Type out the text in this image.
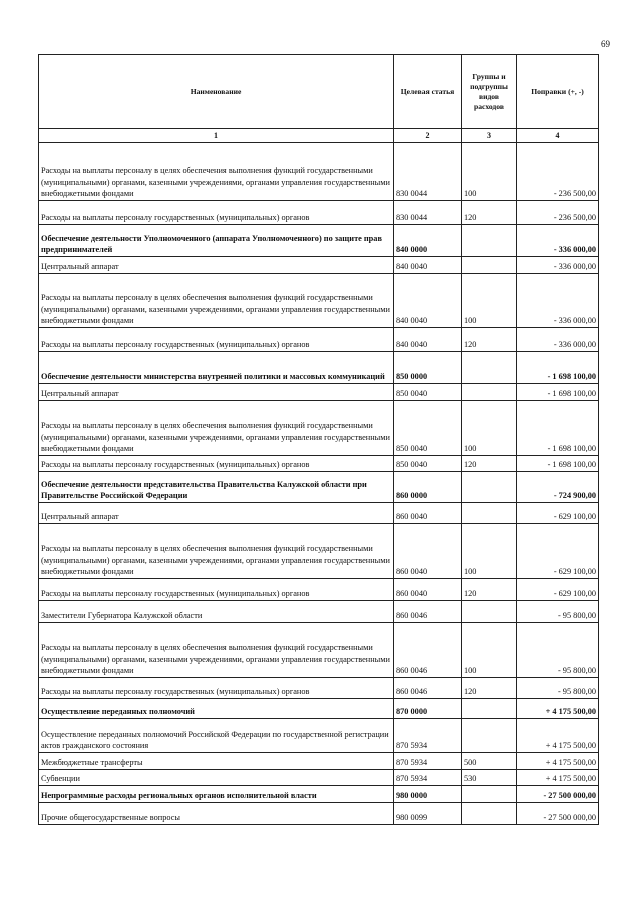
69
Наименование	Целевая статья	Группы и подгруппы видов расходов	Поправки (+, -)
1	2	3	4
Расходы на выплаты персоналу в целях обеспечения выполнения функций государственными (муниципальными) органами, казенными учреждениями, органами управления государственными внебюджетными фондами	830 0044	100	- 236 500,00
Расходы на выплаты персоналу государственных (муниципальных) органов	830 0044	120	- 236 500,00
Обеспечение деятельности Уполномоченного (аппарата Уполномоченного) по защите прав предпринимателей	840 0000		- 336 000,00
Центральный аппарат	840 0040		- 336 000,00
Расходы на выплаты персоналу в целях обеспечения выполнения функций государственными (муниципальными) органами, казенными учреждениями, органами управления государственными внебюджетными фондами	840 0040	100	- 336 000,00
Расходы на выплаты персоналу государственных (муниципальных) органов	840 0040	120	- 336 000,00
Обеспечение деятельности министерства внутренней политики и массовых коммуникаций	850 0000		- 1 698 100,00
Центральный аппарат	850 0040		- 1 698 100,00
Расходы на выплаты персоналу в целях обеспечения выполнения функций государственными (муниципальными) органами, казенными учреждениями, органами управления государственными внебюджетными фондами	850 0040	100	- 1 698 100,00
Расходы на выплаты персоналу государственных (муниципальных) органов	850 0040	120	- 1 698 100,00
Обеспечение деятельности представительства Правительства Калужской области при Правительстве Российской Федерации	860 0000		- 724 900,00
Центральный аппарат	860 0040		- 629 100,00
Расходы на выплаты персоналу в целях обеспечения выполнения функций государственными (муниципальными) органами, казенными учреждениями, органами управления государственными внебюджетными фондами	860 0040	100	- 629 100,00
Расходы на выплаты персоналу государственных (муниципальных) органов	860 0040	120	- 629 100,00
Заместители Губернатора Калужской области	860 0046		- 95 800,00
Расходы на выплаты персоналу в целях обеспечения выполнения функций государственными (муниципальными) органами, казенными учреждениями, органами управления государственными внебюджетными фондами	860 0046	100	- 95 800,00
Расходы на выплаты персоналу государственных (муниципальных) органов	860 0046	120	- 95 800,00
Осуществление переданных полномочий	870 0000		+ 4 175 500,00
Осуществление переданных полномочий Российской Федерации по государственной регистрации актов гражданского состояния	870 5934		+ 4 175 500,00
Межбюджетные трансферты	870 5934	500	+ 4 175 500,00
Субвенции	870 5934	530	+ 4 175 500,00
Непрограммные расходы региональных органов исполнительной власти	980 0000		- 27 500 000,00
Прочие общегосударственные вопросы	980 0099		- 27 500 000,00
